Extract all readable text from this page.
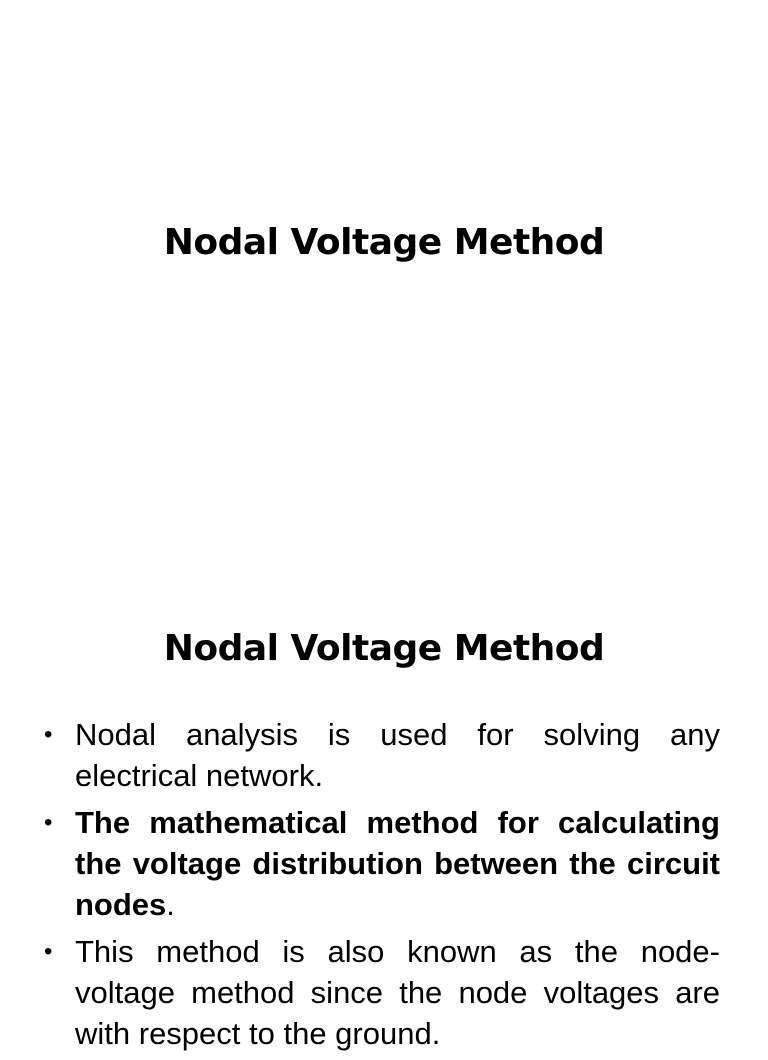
Nodal Voltage Method
Nodal Voltage Method
• Nodal analysis is used for solving any electrical network.
• The mathematical method for calculating the voltage distribution between the circuit nodes.
• This method is also known as the node-voltage method since the node voltages are with respect to the ground.
